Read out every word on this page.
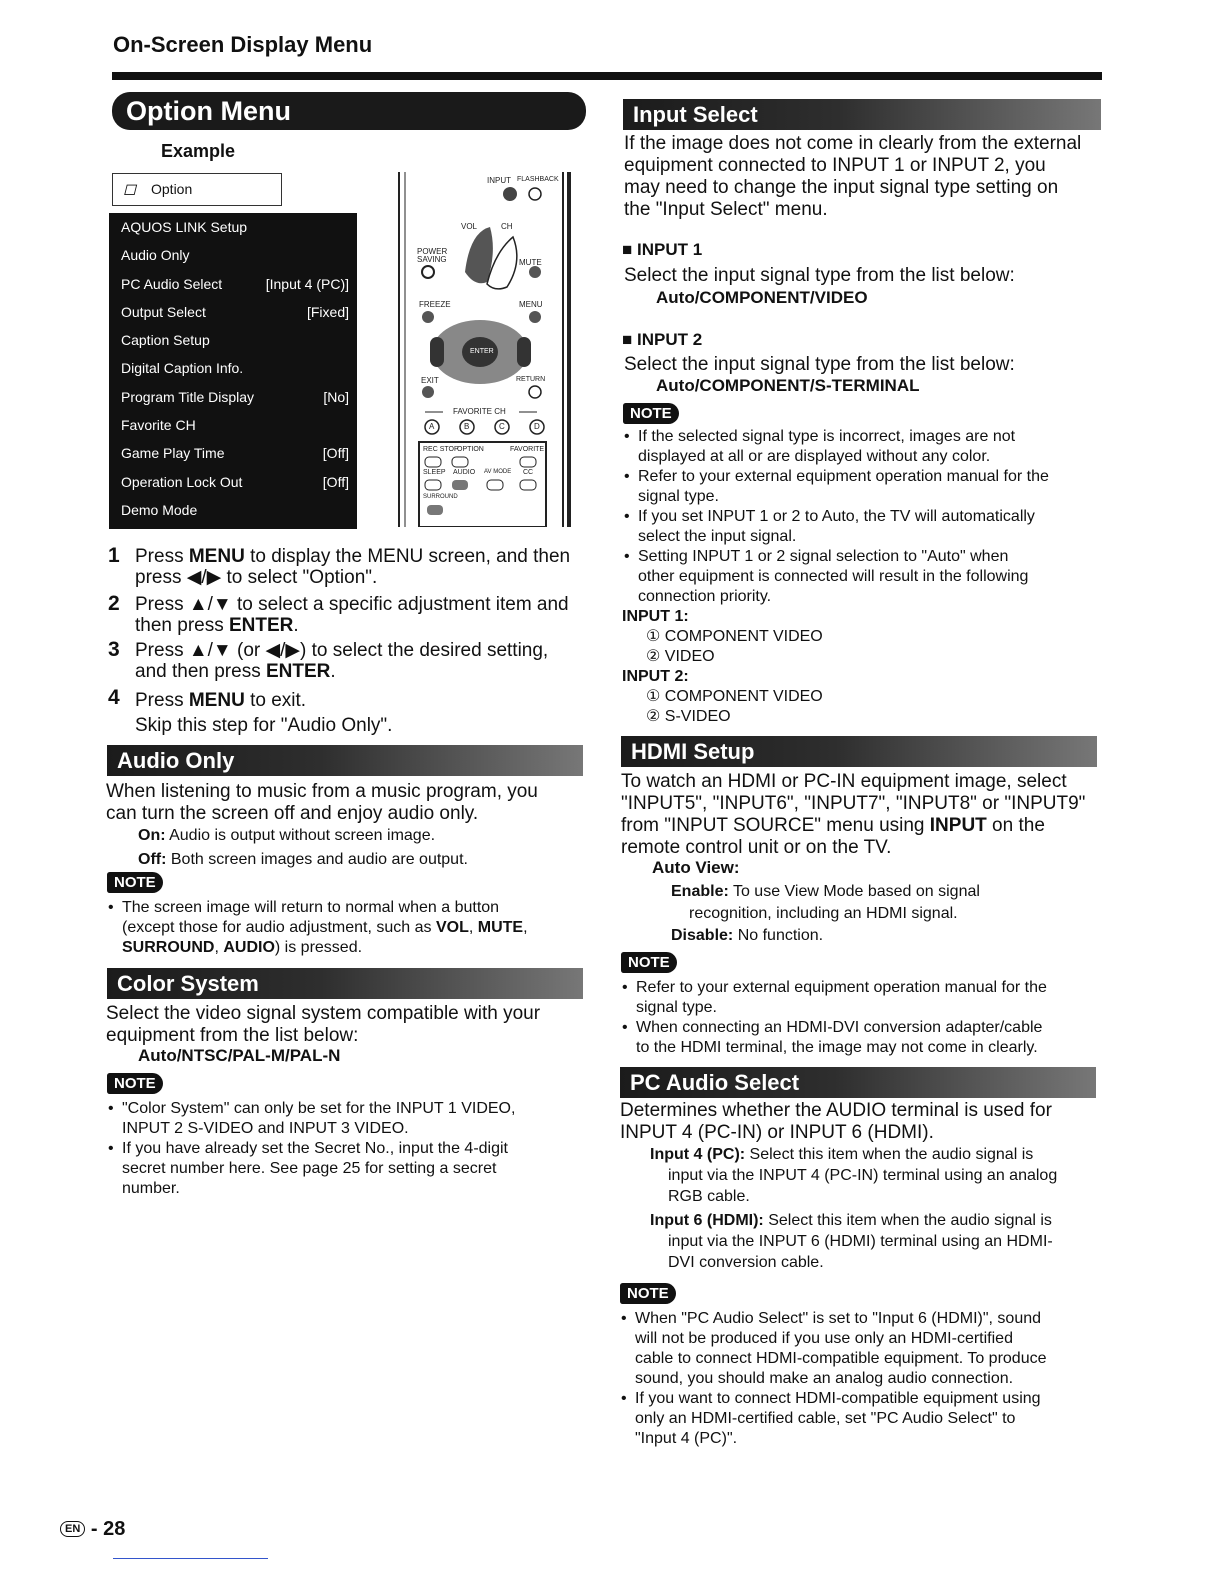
On-Screen Display Menu
Option Menu
Example
◻ Option
AQUOS LINK Setup
Audio Only
PC Audio Select	[Input 4 (PC)]
Output Select	[Fixed]
Caption Setup
Digital Caption Info.
Program Title Display	[No]
Favorite CH
Game Play Time	[Off]
Operation Lock Out	[Off]
Demo Mode
INPUT FLASHBACK
VOL	CH
POWER SAVING	MUTE
FREEZE	MENU
ENTER
EXIT	RETURN
FAVORITE CH
A	B	C	D
REC STOP
OPTION	FAVORITE
SLEEP AUDIO AV MODE CC
SURROUND
1 Press MENU to display the MENU screen, and then
press ◀/▶ to select "Option".
2 Press ▲/▼ to select a specific adjustment item and
then press ENTER.
3 Press ▲/▼ (or ◀/▶) to select the desired setting,
and then press ENTER.
4 Press MENU to exit.
Skip this step for "Audio Only".
Audio Only
When listening to music from a music program, you
can turn the screen off and enjoy audio only.
On: Audio is output without screen image.
Off: Both screen images and audio are output.
NOTE
• The screen image will return to normal when a button
(except those for audio adjustment, such as VOL, MUTE,
SURROUND, AUDIO) is pressed.
Color System
Select the video signal system compatible with your
equipment from the list below:
Auto/NTSC/PAL-M/PAL-N
NOTE
• "Color System" can only be set for the INPUT 1 VIDEO,
INPUT 2 S-VIDEO and INPUT 3 VIDEO.
• If you have already set the Secret No., input the 4-digit
secret number here. See page 25 for setting a secret
number.
Input Select
If the image does not come in clearly from the external
equipment connected to INPUT 1 or INPUT 2, you
may need to change the input signal type setting on
the "Input Select" menu.
■ INPUT 1
Select the input signal type from the list below:
Auto/COMPONENT/VIDEO
■ INPUT 2
Select the input signal type from the list below:
Auto/COMPONENT/S-TERMINAL
NOTE
• If the selected signal type is incorrect, images are not
displayed at all or are displayed without any color.
• Refer to your external equipment operation manual for the
signal type.
• If you set INPUT 1 or 2 to Auto, the TV will automatically
select the input signal.
• Setting INPUT 1 or 2 signal selection to "Auto" when
other equipment is connected will result in the following
connection priority.
INPUT 1:
① COMPONENT VIDEO
② VIDEO
INPUT 2:
① COMPONENT VIDEO
② S-VIDEO
HDMI Setup
To watch an HDMI or PC-IN equipment image, select
"INPUT5", "INPUT6", "INPUT7", "INPUT8" or "INPUT9"
from "INPUT SOURCE" menu using INPUT on the
remote control unit or on the TV.
Auto View:
Enable: To use View Mode based on signal
recognition, including an HDMI signal.
Disable: No function.
NOTE
• Refer to your external equipment operation manual for the
signal type.
• When connecting an HDMI-DVI conversion adapter/cable
to the HDMI terminal, the image may not come in clearly.
PC Audio Select
Determines whether the AUDIO terminal is used for
INPUT 4 (PC-IN) or INPUT 6 (HDMI).
Input 4 (PC): Select this item when the audio signal is
input via the INPUT 4 (PC-IN) terminal using an analog
RGB cable.
Input 6 (HDMI): Select this item when the audio signal is
input via the INPUT 6 (HDMI) terminal using an HDMI-
DVI conversion cable.
NOTE
• When "PC Audio Select" is set to "Input 6 (HDMI)", sound
will not be produced if you use only an HDMI-certified
cable to connect HDMI-compatible equipment. To produce
sound, you should make an analog audio connection.
• If you want to connect HDMI-compatible equipment using
only an HDMI-certified cable, set "PC Audio Select" to
"Input 4 (PC)".
EN - 28
